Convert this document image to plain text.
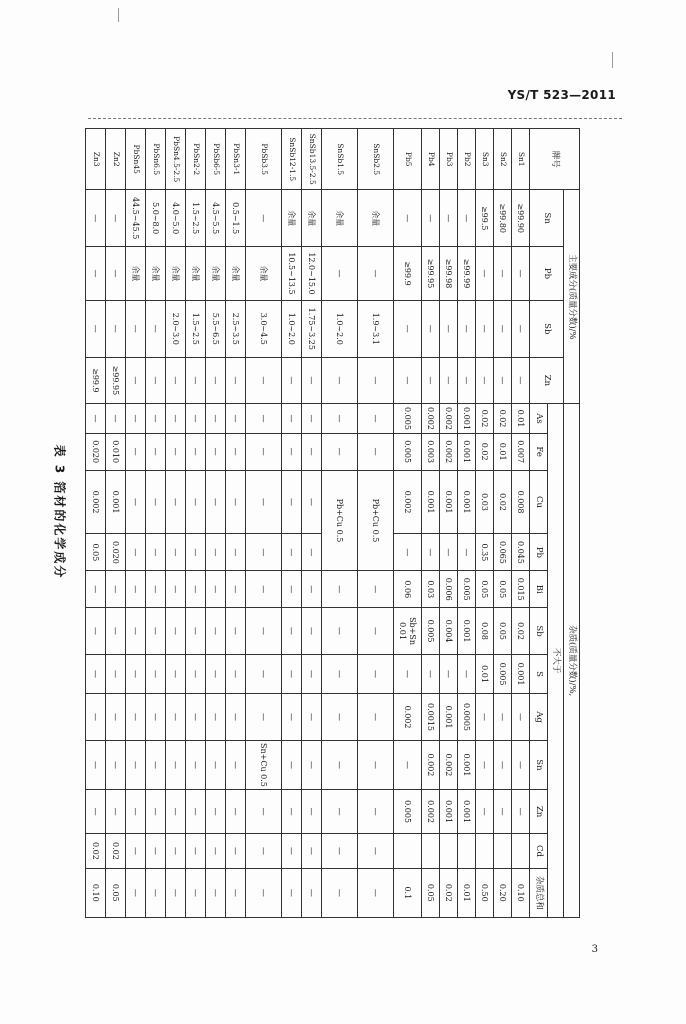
YS/T 523—2011
表 3 箔材的化学成分
牌号	主要成分(质量分数)/%				杂质(质量分数)/%,											
	Sn	Pb	Sb	Zn	不大于											
					As	Fe	Cu	Pb	Bi	Sb	S	Ag	Sn	Zn	Cd	杂质总和
Sn1	≥99.90	—	—	—	0.01	0.007	0.008	0.045	0.015	0.02	0.001	—	—	—		0.10
Sn2	≥99.80	—	—	—	0.02	0.01	0.02	0.065	0.05	0.05	0.005	—	—	—		0.20
Sn3	≥99.5	—	—	—	0.02	0.02	0.03	0.35	0.05	0.08	0.01	—	—	—		0.50
Pb2	—	≥99.99	—	—	0.001	0.001	0.001	—	0.005	0.001	—	0.0005	0.001	0.001		0.01
Pb3	—	≥99.98	—	—	0.002	0.002	0.001	—	0.006	0.004	—	0.001	0.002	0.001		0.02
Pb4	—	≥99.95	—	—	0.002	0.003	0.001	—	0.03	0.005	—	0.0015	0.002	0.002		0.05
Pb5	—	≥99.9	—	—	0.005	0.005	0.002	—	0.06	Sb+Sn 0.01	—	0.002	—	0.005		0.1
SnSb2.5	余量	—	1.9~3.1	—	—	—	Pb+Cu 0.5		—	—	—	—	—	—	—	—
SnSb1.5	余量	—	1.0~2.0	—	—	—	Pb+Cu 0.5		—	—	—	—	—	—	—	—
SnSb13.5-2.5	余量	12.0~15.0	1.75~3.25	—	—	—	—	—	—	—	—	—	—	—	—	—
SnSb12-1.5	余量	10.5~13.5	1.0~2.0	—	—	—	—	—	—	—	—	—	—	—	—	—
PbSb3.5	—	余量	3.0~4.5	—	—	—	—	—	—	—	—	—	Sn+Cu 0.5	—	—	—
PbSn3-1	0.5~1.5	余量	2.5~3.5	—	—	—	—	—	—	—	—	—	—	—	—	—
PbSb6-5	4.5~5.5	余量	5.5~6.5	—	—	—	—	—	—	—	—	—	—	—	—	—
PbSn2-2	1.5~2.5	余量	1.5~2.5	—	—	—	—	—	—	—	—	—	—	—	—	—
PbSn4.5-2.5	4.0~5.0	余量	2.0~3.0	—	—	—	—	—	—	—	—	—	—	—	—	—
PbSn6.5	5.0~8.0	余量	—	—	—	—	—	—	—	—	—	—	—	—	—	—
PbSn45	44.5~45.5	余量	—	—	—	—	—	—	—	—	—	—	—	—	—	—
Zn2	—	—	—	≥99.95	—	0.010	0.001	0.020	—	—	—	—	—	—	0.02	0.05
Zn3	—	—	—	≥99.9	—	0.020	0.002	0.05	—	—	—	—	—	—	0.02	0.10
3
